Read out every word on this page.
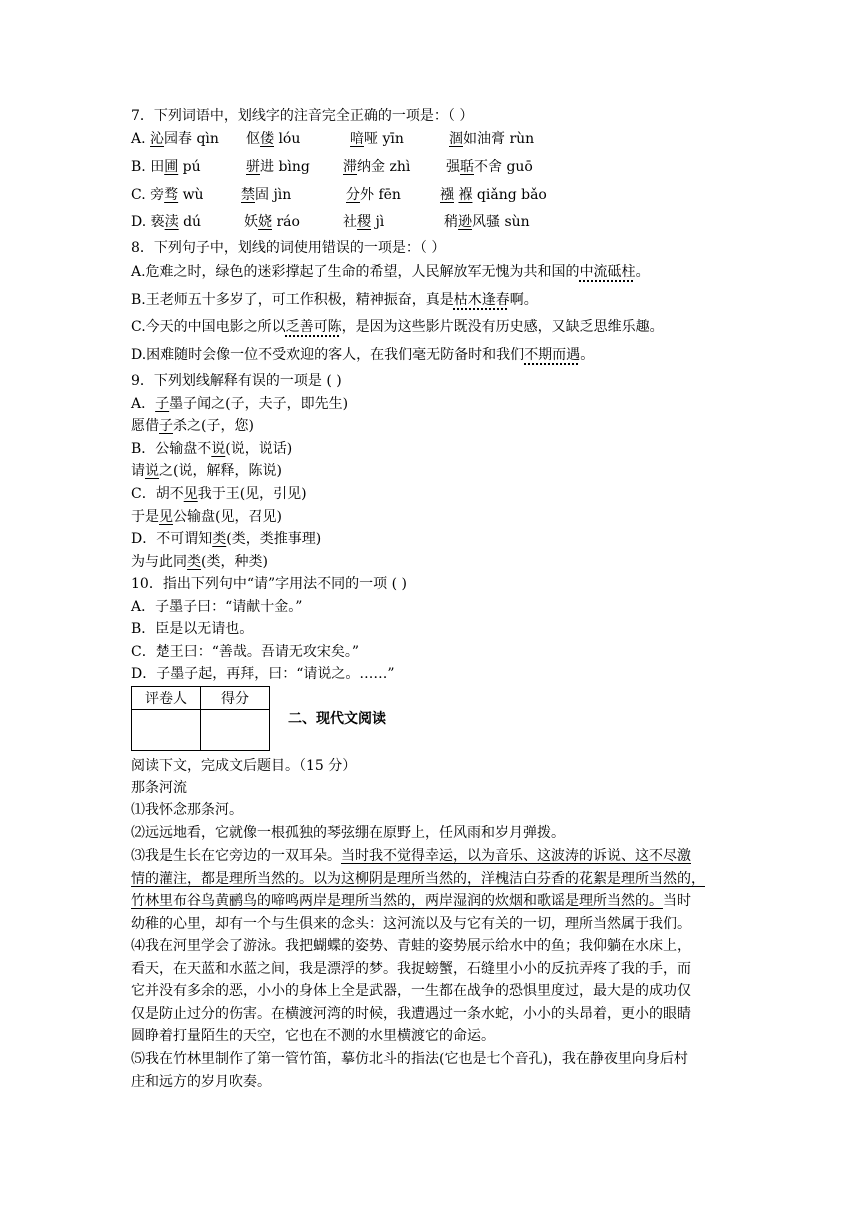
7．下列词语中，划线字的注音完全正确的一项是：（ ）
A. 沁园春 qìn 伛偻 lóu	喑哑 yīn	涸如油膏 rùn
B. 田圃 pú	骈进 bìng 滞纳金 zhì	强聒不舍 guō
C. 旁骛 wù	禁固 jìn	分外 fēn	襁 褓 qiǎng bǎo
D. 亵渎 dú	妖娆 ráo	社稷 jì	稍逊风骚 sùn
8．下列句子中，划线的词使用错误的一项是：（ ）
A.危难之时，绿色的迷彩撑起了生命的希望，人民解放军无愧为共和国的中流砥柱。
B.王老师五十多岁了，可工作积极，精神振奋，真是枯木逢春啊。
C.今天的中国电影之所以乏善可陈，是因为这些影片既没有历史感，又缺乏思维乐趣。
D.困难随时会像一位不受欢迎的客人，在我们毫无防备时和我们不期而遇。
9．下列划线解释有误的一项是 ( )
A．子墨子闻之(子，夫子，即先生)
愿借子杀之(子，您)
B．公输盘不说(说，说话)
请说之(说，解释，陈说)
C．胡不见我于王(见，引见)
于是见公输盘(见，召见)
D．不可谓知类(类，类推事理)
为与此同类(类，种类)
10．指出下列句中“请”字用法不同的一项 ( )
A．子墨子曰：“请献十金。”
B．臣是以无请也。
C．楚王曰：“善哉。吾请无攻宋矣。”
D．子墨子起，再拜，曰：“请说之。……”
评卷人	得分

二、现代文阅读
阅读下文，完成文后题目。（15 分）
那条河流
⑴我怀念那条河。
⑵远远地看，它就像一根孤独的琴弦绷在原野上，任风雨和岁月弹拨。
⑶我是生长在它旁边的一双耳朵。当时我不觉得幸运，以为音乐、这波涛的诉说、这不尽激
情的灌注，都是理所当然的。以为这柳阴是理所当然的，洋槐洁白芬香的花絮是理所当然的，
竹林里布谷鸟黄鹂鸟的啼鸣两岸是理所当然的，两岸湿润的炊烟和歌谣是理所当然的。当时
幼稚的心里，却有一个与生俱来的念头：这河流以及与它有关的一切，理所当然属于我们。
⑷我在河里学会了游泳。我把蝴蝶的姿势、青蛙的姿势展示给水中的鱼；我仰躺在水床上，
看天，在天蓝和水蓝之间，我是漂浮的梦。我捉螃蟹，石缝里小小的反抗弄疼了我的手，而
它并没有多余的恶，小小的身体上全是武器，一生都在战争的恐惧里度过，最大是的成功仅
仅是防止过分的伤害。在横渡河湾的时候，我遭遇过一条水蛇，小小的头昂着，更小的眼睛
圆睁着打量陌生的天空，它也在不测的水里横渡它的命运。
⑸我在竹林里制作了第一管竹笛，摹仿北斗的指法(它也是七个音孔)，我在静夜里向身后村
庄和远方的岁月吹奏。
